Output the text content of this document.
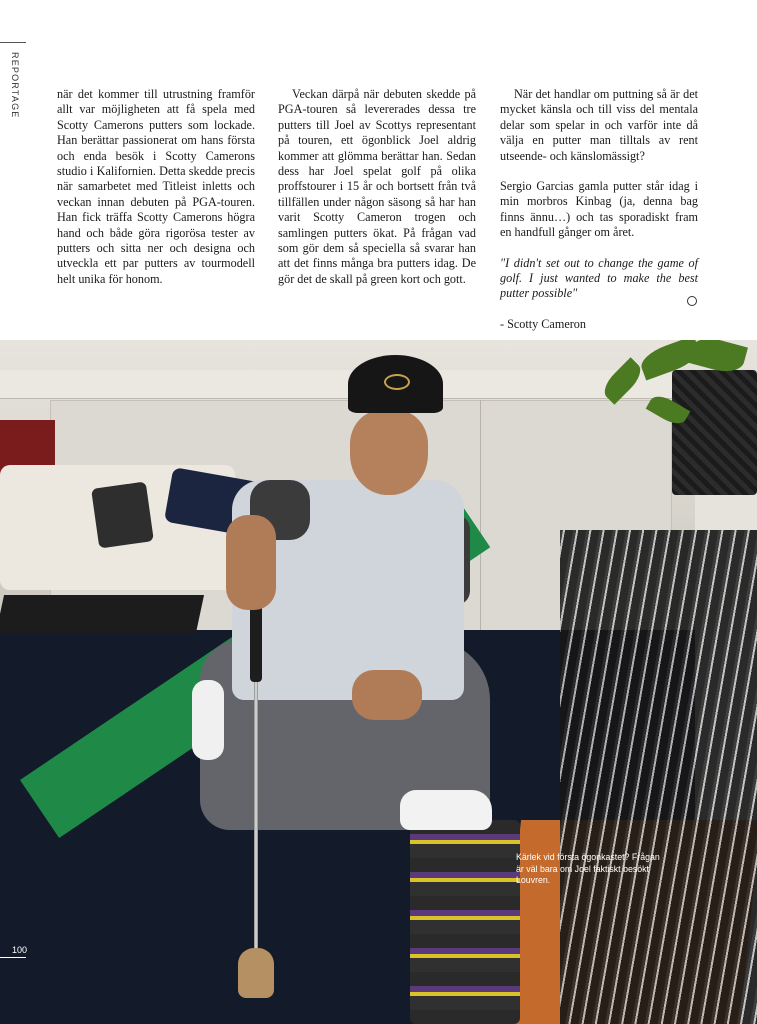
REPORTAGE	när det kommer till utrustning framför allt var möjligheten att få spela med Scotty Camerons putters som lockade. Han berättar passionerat om hans första och enda besök i Scotty Camerons studio i Kalifornien. Detta skedde precis när samarbetet med Titleist inletts och veckan innan debuten på PGA-touren. Han fick träffa Scotty Camerons högra hand och både göra rigorösa tester av putters och sitta ner och designa och utveckla ett par putters av tourmodell helt unika för honom.

Veckan därpå när debuten skedde på PGA-touren så levererades dessa tre putters till Joel av Scottys representant på touren, ett ögonblick Joel aldrig kommer att glömma berättar han. Sedan dess har Joel spelat golf på olika proffstourer i 15 år och bortsett från två tillfällen under någon säsong så har han varit Scotty Cameron trogen och samlingen putters ökat. På frågan vad som gör dem så speciella så svarar han att det finns många bra putters idag. De gör det de skall på green kort och gott.

När det handlar om puttning så är det mycket känsla och till viss del mentala delar som spelar in och varför inte då välja en putter man tilltals av rent utseende- och känslomässigt?

Sergio Garcias gamla putter står idag i min morbros Kinbag (ja, denna bag finns ännu…) och tas sporadiskt fram en handfull gånger om året.

"I didn't set out to change the game of golf. I just wanted to make the best putter possible"

- Scotty Cameron

Kärlek vid första ögonkastet? Frågan är väl bara om Joel faktiskt besökt Louvren.
100
